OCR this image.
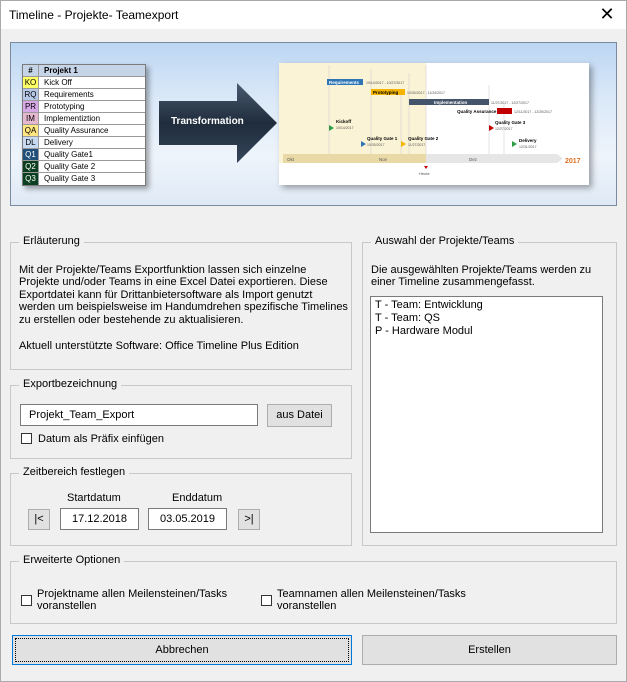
Timeline - Projekte- Teamexport	✕
#	Projekt 1
KO Kick Off
RQ Requirements
PR Prototyping
IM	Implementiztion
QA Quality Assurance
DL	Delivery
Q1	Quality Gate1
Q2	Quality Gate 2
Q3	Quality Gate 3
Transformation
Requirements 10/14/2017 - 10/27/2017
Prototyping	10/30/2017 - 11/24/2017
Implementation	11/27/2017 - 12/27/2017
Quality Assurance	12/11/2017 - 12/25/2017
Kickoff
10/14/2017
Quality Gate 1
10/30/2017
Quality Gate 2
11/27/2017
Quality Gate 3
12/27/2017
Delivery
12/31/2017
Okt	Nov	Dez	2017
Heute
Erläuterung
Mit der Projekte/Teams Exportfunktion lassen sich einzelne Projekte und/oder Teams in eine Excel Datei exportieren. Diese Exportdatei kann für Drittanbietersoftware als Import genutzt werden um beispielsweise im Handumdrehen spezifische Timelines zu erstellen oder bestehende zu aktualisieren.
Aktuell unterstützte Software: Office Timeline Plus Edition
Auswahl der Projekte/Teams
Die ausgewählten Projekte/Teams werden zu einer Timeline zusammengefasst.
T - Team: Entwicklung
T - Team: QS
P - Hardware Modul
Exportbezeichnung
Projekt_Team_Export	aus Datei
Datum als Präfix einfügen
Zeitbereich festlegen
Startdatum	Enddatum
|<	17.12.2018	03.05.2019	>|
Erweiterte Optionen
Projektname allen Meilensteinen/Tasks voranstellen
Teamnamen allen Meilensteinen/Tasks voranstellen
Abbrechen	Erstellen
